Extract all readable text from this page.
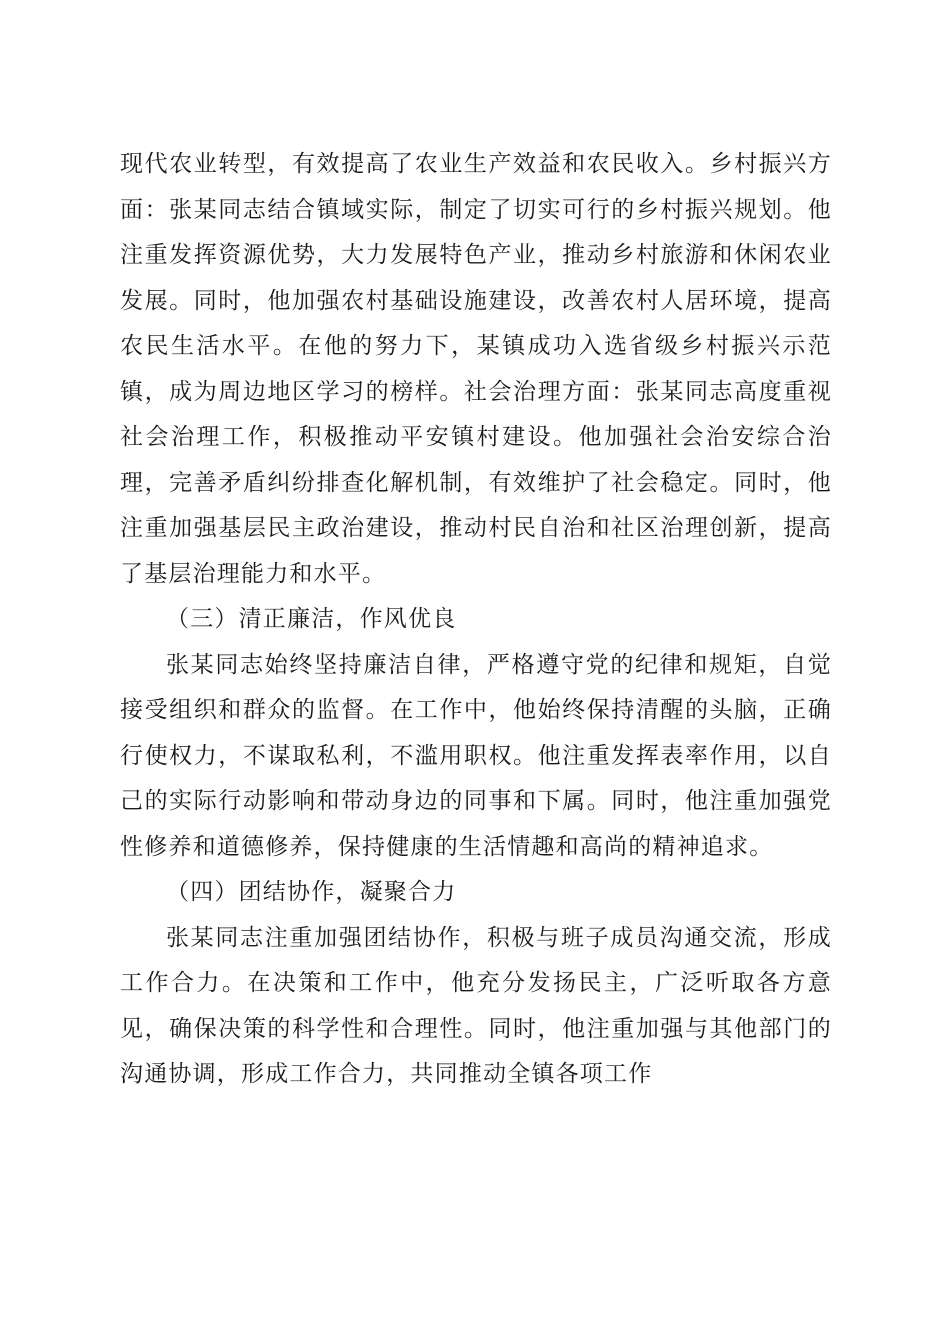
现代农业转型，有效提高了农业生产效益和农民收入。乡村振兴方面：张某同志结合镇域实际，制定了切实可行的乡村振兴规划。他注重发挥资源优势，大力发展特色产业，推动乡村旅游和休闲农业发展。同时，他加强农村基础设施建设，改善农村人居环境，提高农民生活水平。在他的努力下，某镇成功入选省级乡村振兴示范镇，成为周边地区学习的榜样。社会治理方面：张某同志高度重视社会治理工作，积极推动平安镇村建设。他加强社会治安综合治理，完善矛盾纠纷排查化解机制，有效维护了社会稳定。同时，他注重加强基层民主政治建设，推动村民自治和社区治理创新，提高了基层治理能力和水平。

（三）清正廉洁，作风优良

张某同志始终坚持廉洁自律，严格遵守党的纪律和规矩，自觉接受组织和群众的监督。在工作中，他始终保持清醒的头脑，正确行使权力，不谋取私利，不滥用职权。他注重发挥表率作用，以自己的实际行动影响和带动身边的同事和下属。同时，他注重加强党性修养和道德修养，保持健康的生活情趣和高尚的精神追求。

（四）团结协作，凝聚合力

张某同志注重加强团结协作，积极与班子成员沟通交流，形成工作合力。在决策和工作中，他充分发扬民主，广泛听取各方意见，确保决策的科学性和合理性。同时，他注重加强与其他部门的沟通协调，形成工作合力，共同推动全镇各项工作
